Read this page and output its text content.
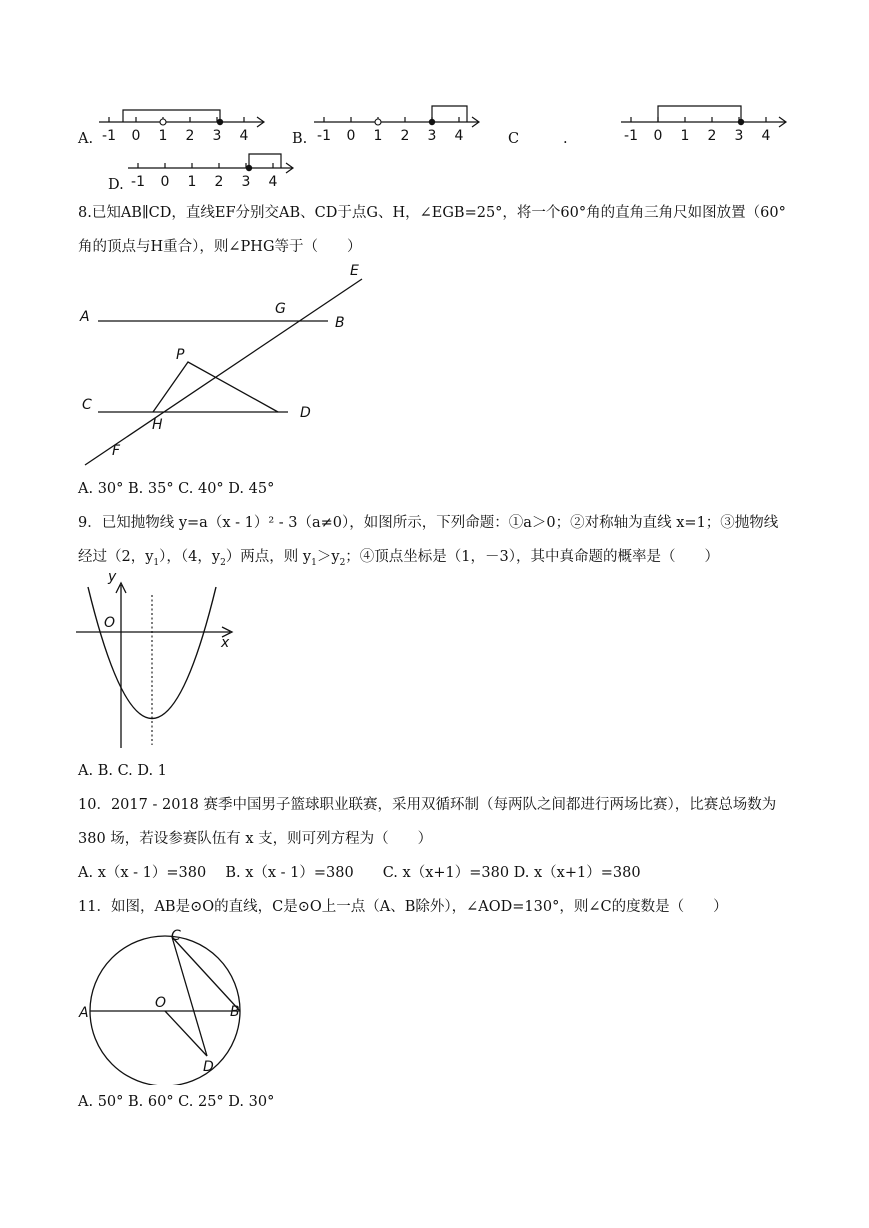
A. -1 0 1 2 3 4	B. -1 0 1 2 3 4	C	.	-1 0 1 2 3 4
D. -1 0 1 2 3 4
8.已知AB∥CD，直线EF分别交AB、CD于点G、H，∠EGB=25°，将一个60°角的直角三角尺如图放置（60°
角的顶点与H重合），则∠PHG等于（　　）
A	B
C	D
E
F
G
H
P
A. 30° B. 35° C. 40° D. 45°
9．已知抛物线 y=a（x - 1）² - 3（a≠0），如图所示，下列命题：①a＞0；②对称轴为直线 x=1；③抛物线
经过（2，$y_1$），（4，$y_2$）两点，则 $y_1>y_2$；④顶点坐标是（1，－3），其中真命题的概率是（　　）
y
x
O
A. B. C. D. 1
10．2017 - 2018 赛季中国男子篮球职业联赛，采用双循环制（每两队之间都进行两场比赛），比赛总场数为
380 场，若设参赛队伍有 x 支，则可列方程为（　　）
A. x（x - 1）=380　 B. x（x - 1）=380　　C. x（x+1）=380 D. x（x+1）=380
11．如图，AB是⊙O的直线，C是⊙O上一点（A、B除外），∠AOD=130°，则∠C的度数是（　　）
A	B
C
D
O
A. 50° B. 60° C. 25° D. 30°
